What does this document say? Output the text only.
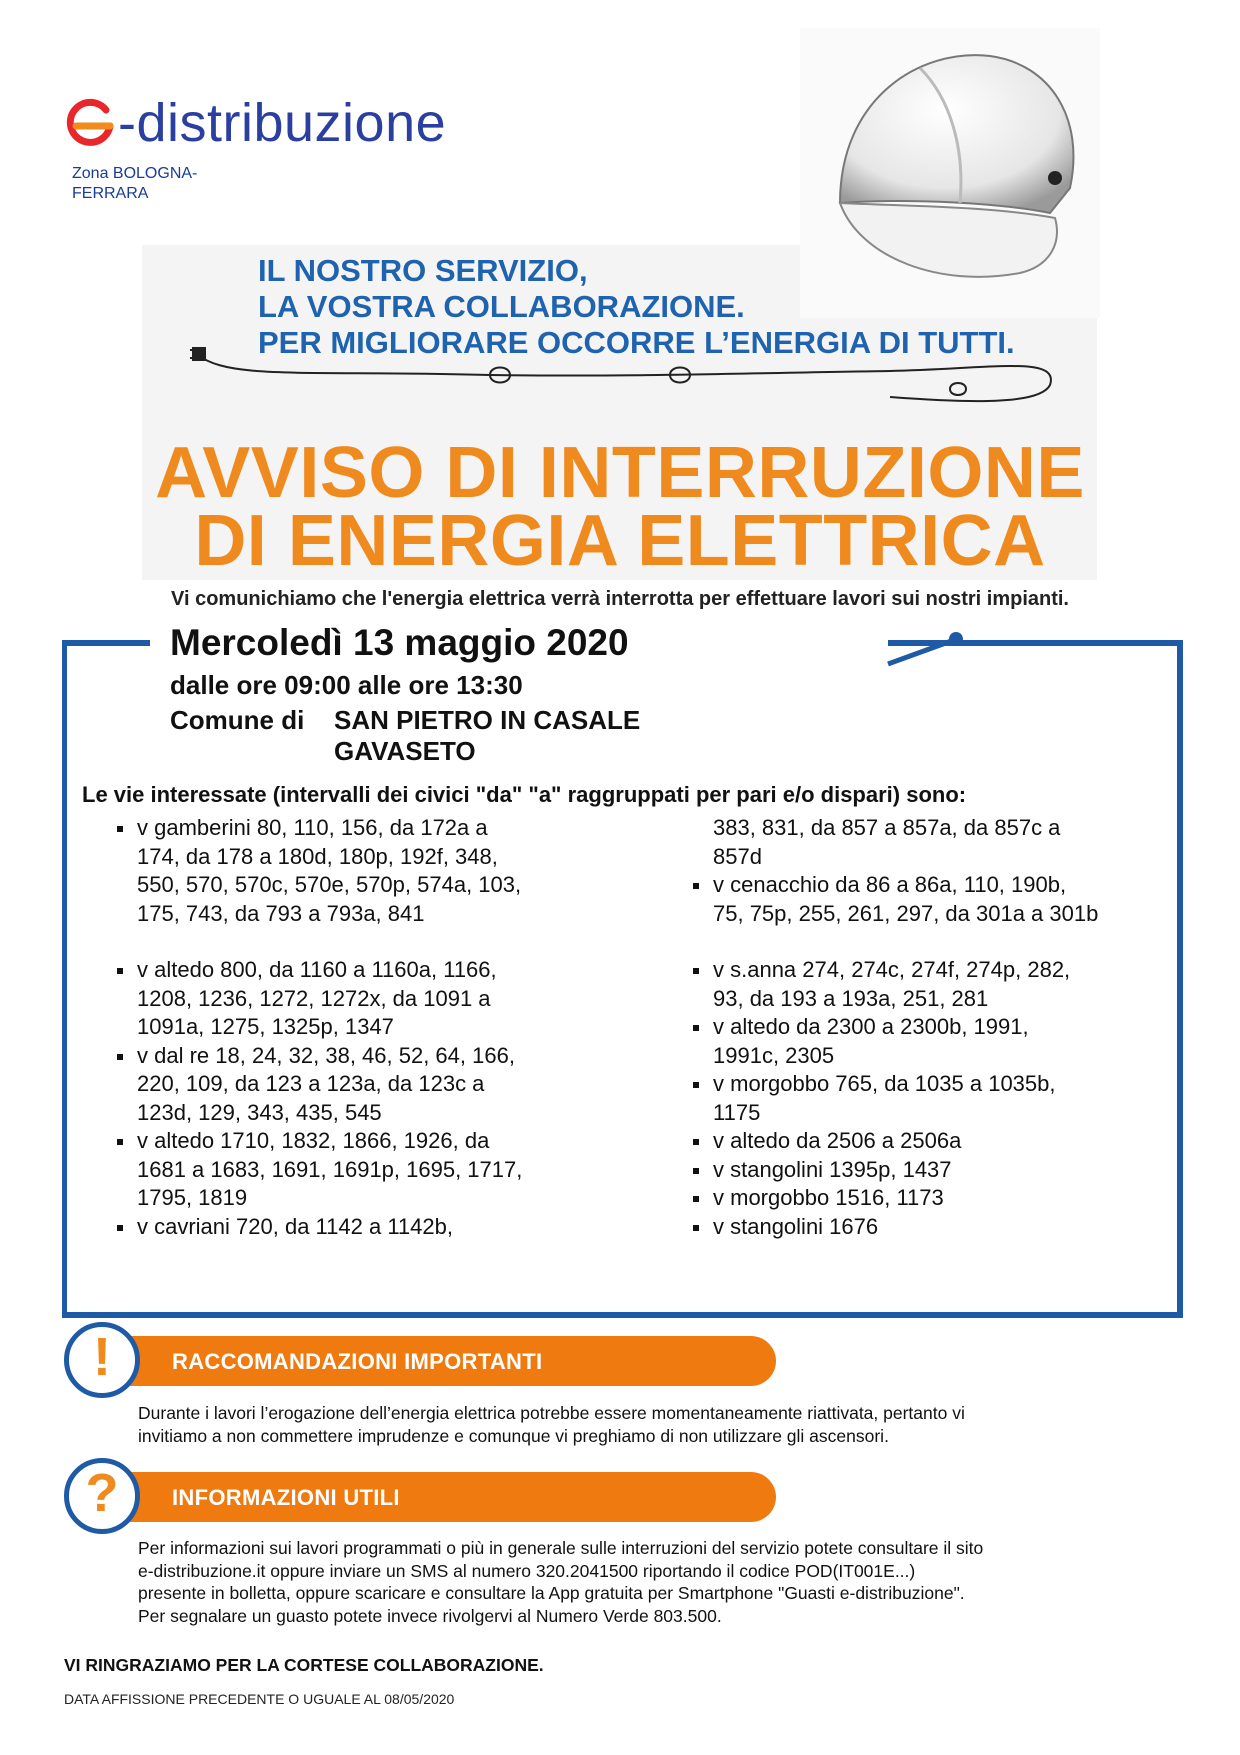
-distribuzione
Zona BOLOGNA-
FERRARA
IL NOSTRO SERVIZIO,
LA VOSTRA COLLABORAZIONE.
PER MIGLIORARE OCCORRE L’ENERGIA DI TUTTI.
AVVISO DI INTERRUZIONE
DI ENERGIA ELETTRICA
Vi comunichiamo che l'energia elettrica verrà interrotta per effettuare lavori sui nostri impianti.
Mercoledì 13 maggio 2020
dalle ore 09:00 alle ore 13:30
Comune di SAN PIETRO IN CASALE
GAVASETO
Le vie interessate (intervalli dei civici "da" "a" raggruppati per pari e/o dispari) sono:

v gamberini 80, 110, 156, da 172a a

174, da 178 a 180d, 180p, 192f, 348,

550, 570, 570c, 570e, 570p, 574a, 103,

175, 743, da 793 a 793a, 841

v altedo 800, da 1160 a 1160a, 1166,

1208, 1236, 1272, 1272x, da 1091 a

1091a, 1275, 1325p, 1347

v dal re 18, 24, 32, 38, 46, 52, 64, 166,

220, 109, da 123 a 123a, da 123c a

123d, 129, 343, 435, 545

v altedo 1710, 1832, 1866, 1926, da

1681 a 1683, 1691, 1691p, 1695, 1717,

1795, 1819

v cavriani 720, da 1142 a 1142b,

383, 831, da 857 a 857a, da 857c a

857d

v cenacchio da 86 a 86a, 110, 190b,

75, 75p, 255, 261, 297, da 301a a 301b

v s.anna 274, 274c, 274f, 274p, 282,

93, da 193 a 193a, 251, 281

v altedo da 2300 a 2300b, 1991,

1991c, 2305

v morgobbo 765, da 1035 a 1035b,

1175

v altedo da 2506 a 2506a

v stangolini 1395p, 1437

v morgobbo 1516, 1173

v stangolini 1676

!	RACCOMANDAZIONI IMPORTANTI
Durante i lavori l’erogazione dell’energia elettrica potrebbe essere momentaneamente riattivata, pertanto vi
invitiamo a non commettere imprudenze e comunque vi preghiamo di non utilizzare gli ascensori.
?	INFORMAZIONI UTILI
Per informazioni sui lavori programmati o più in generale sulle interruzioni del servizio potete consultare il sito
e-distribuzione.it oppure inviare un SMS al numero 320.2041500 riportando il codice POD(IT001E...)
presente in bolletta, oppure scaricare e consultare la App gratuita per Smartphone "Guasti e-distribuzione".
Per segnalare un guasto potete invece rivolgervi al Numero Verde 803.500.
VI RINGRAZIAMO PER LA CORTESE COLLABORAZIONE.
DATA AFFISSIONE PRECEDENTE O UGUALE AL 08/05/2020
